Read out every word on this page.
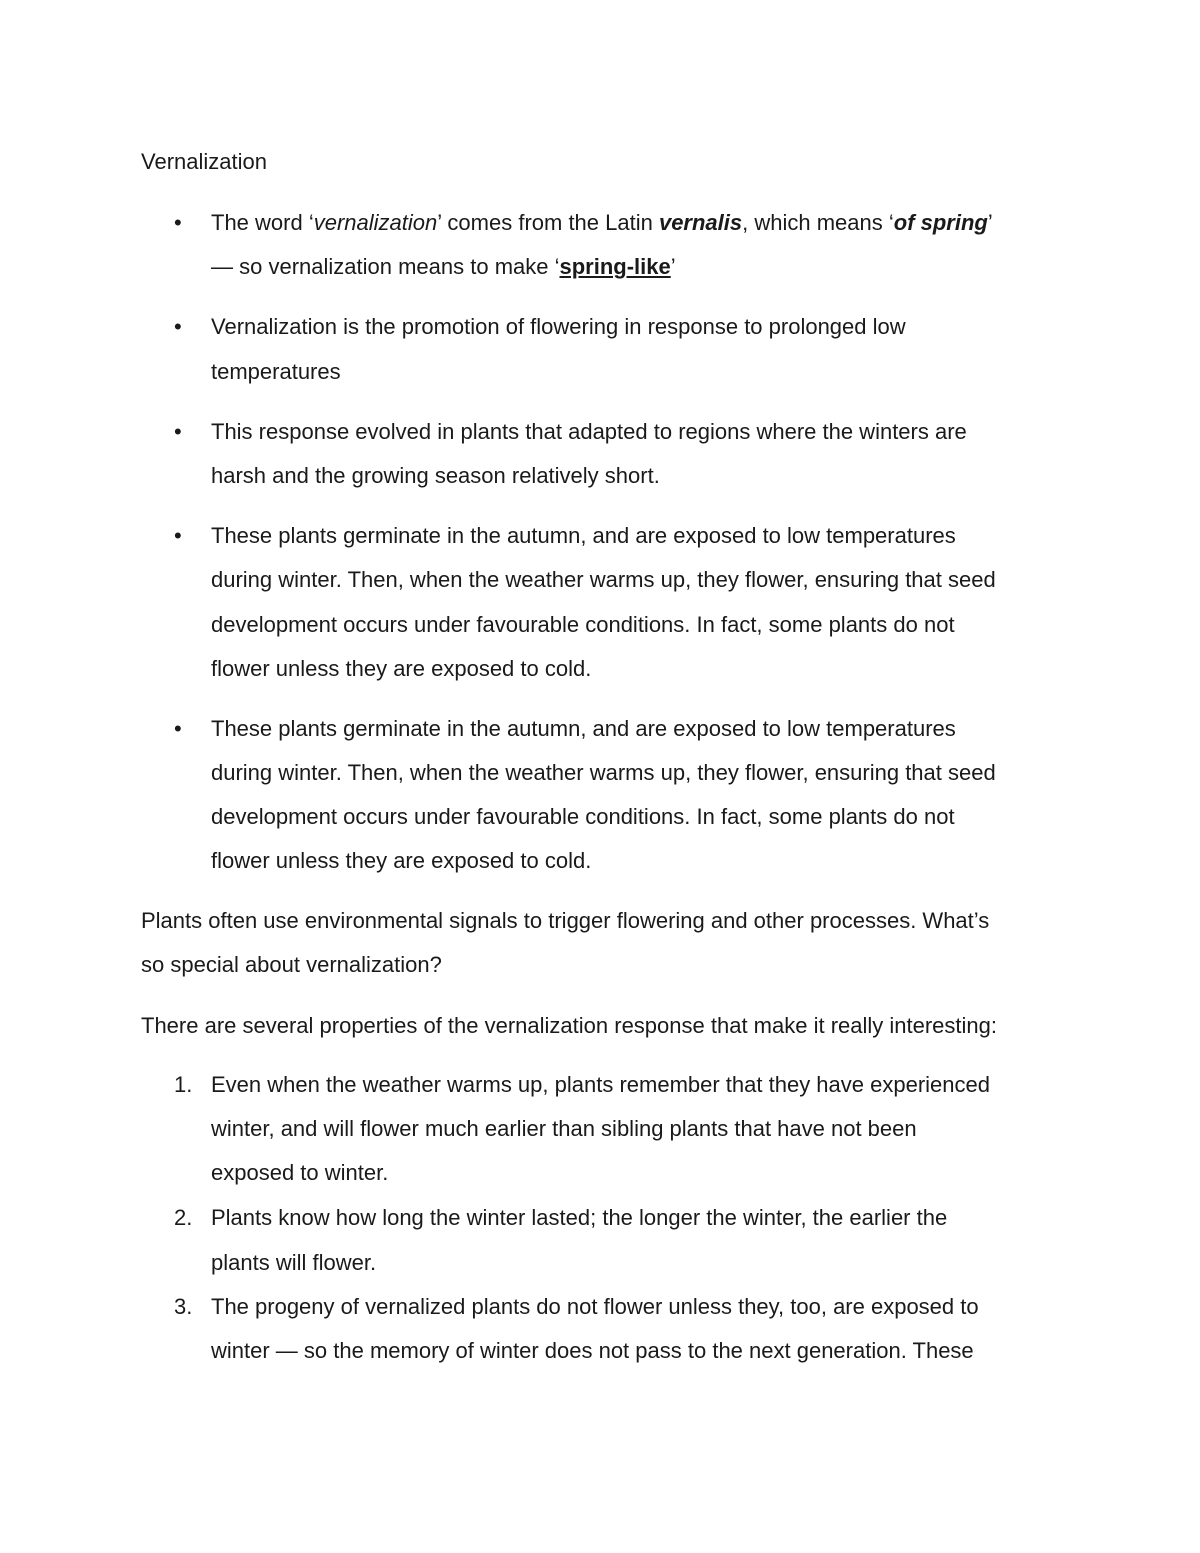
Vernalization
• The word ‘vernalization’ comes from the Latin vernalis, which means ‘of spring’
— so vernalization means to make ‘spring-like’
• Vernalization is the promotion of flowering in response to prolonged low
temperatures
• This response evolved in plants that adapted to regions where the winters are
harsh and the growing season relatively short.
• These plants germinate in the autumn, and are exposed to low temperatures
during winter. Then, when the weather warms up, they flower, ensuring that seed
development occurs under favourable conditions. In fact, some plants do not
flower unless they are exposed to cold.
• These plants germinate in the autumn, and are exposed to low temperatures
during winter. Then, when the weather warms up, they flower, ensuring that seed
development occurs under favourable conditions. In fact, some plants do not
flower unless they are exposed to cold.
Plants often use environmental signals to trigger flowering and other processes. What’s
so special about vernalization?
There are several properties of the vernalization response that make it really interesting:
1. Even when the weather warms up, plants remember that they have experienced
winter, and will flower much earlier than sibling plants that have not been
exposed to winter.
2. Plants know how long the winter lasted; the longer the winter, the earlier the
plants will flower.
3. The progeny of vernalized plants do not flower unless they, too, are exposed to
winter — so the memory of winter does not pass to the next generation. These
